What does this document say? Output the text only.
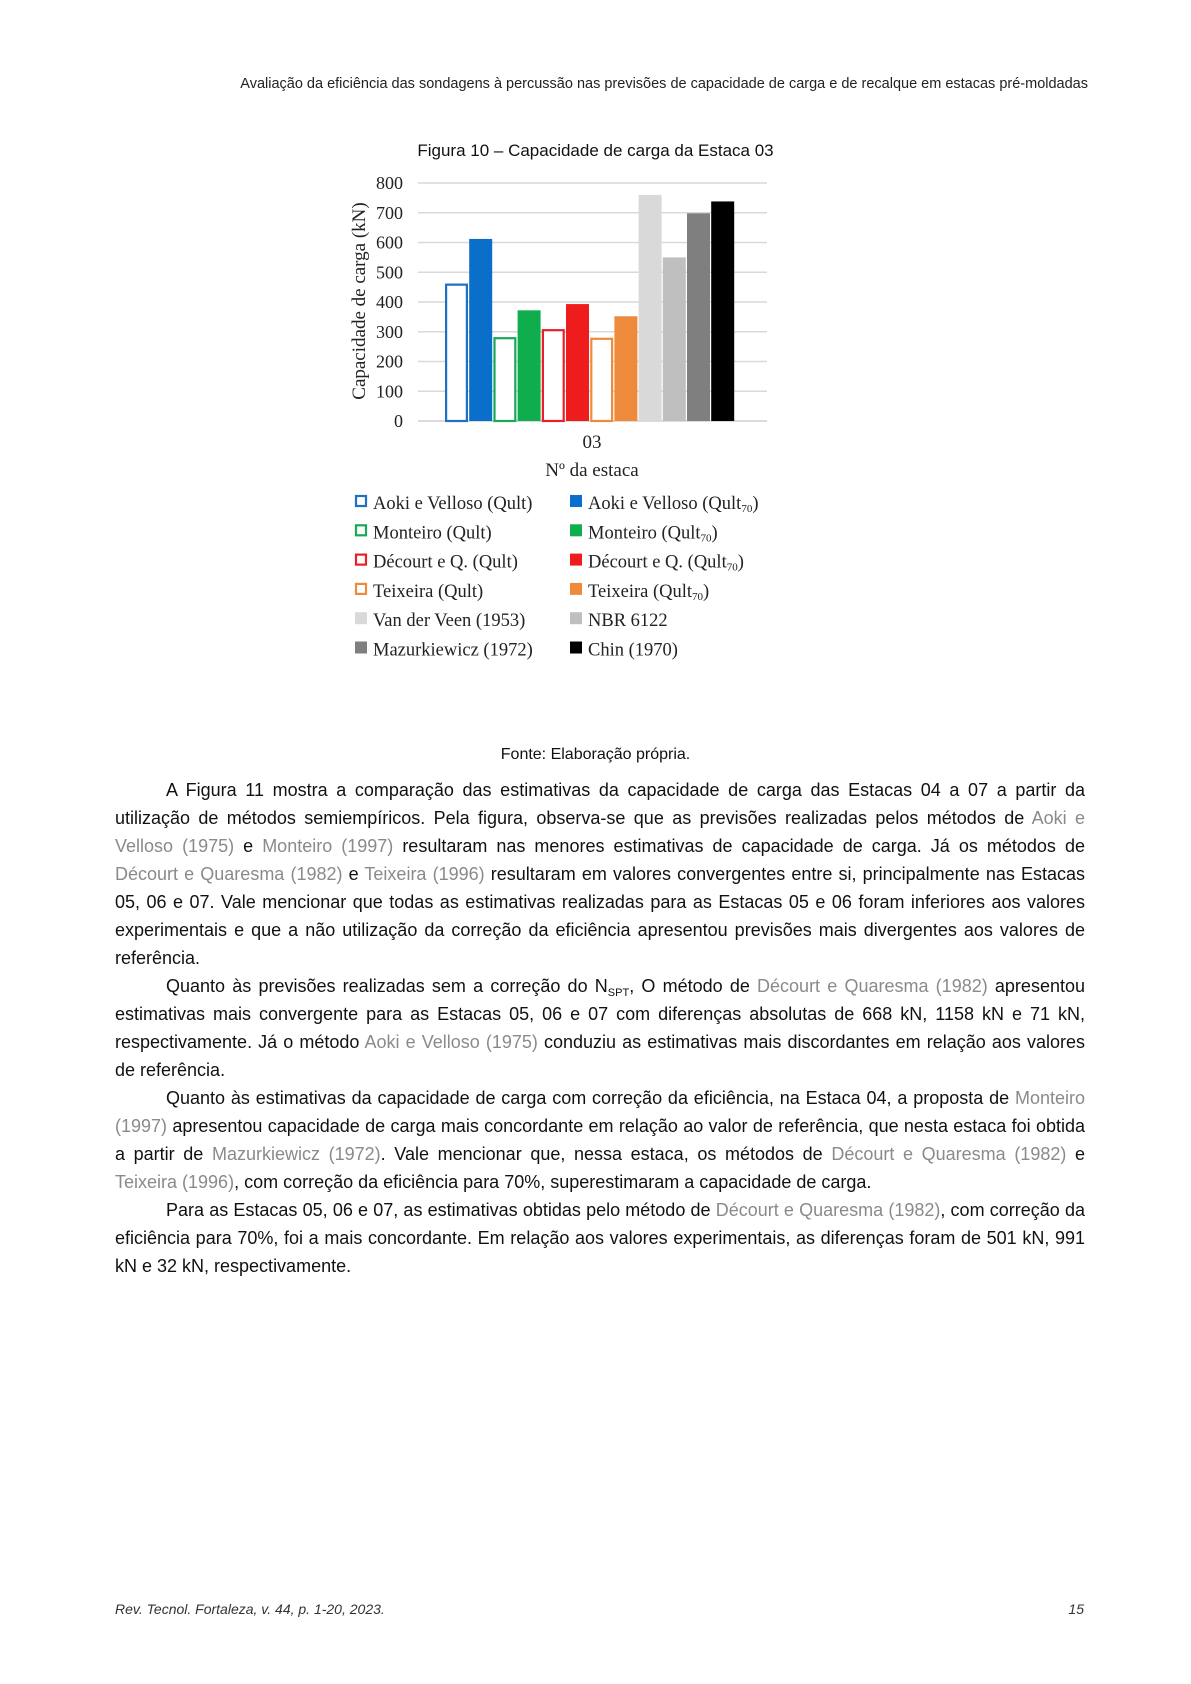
Avaliação da eficiência das sondagens à percussão nas previsões de capacidade de carga e de recalque em estacas pré-moldadas
Figura 10 – Capacidade de carga da Estaca 03
0
100
200
300
400
500
600
700
800
03
Nº da estaca
Capacidade de carga (kN)
Aoki e Velloso (Qult)	Aoki e Velloso (Qult70)
Monteiro (Qult)	Monteiro (Qult70)
Décourt e Q. (Qult)	Décourt e Q. (Qult70)
Teixeira (Qult)	Teixeira (Qult70)
Van der Veen (1953)	NBR 6122
Mazurkiewicz (1972)	Chin (1970)
Fonte: Elaboração própria.

A Figura 11 mostra a comparação das estimativas da capacidade de carga das Estacas 04 a 07 a partir da utilização de métodos semiempíricos. Pela figura, observa-se que as previsões realizadas pelos métodos de Aoki e Velloso (1975) e Monteiro (1997) resultaram nas menores estimativas de capacidade de carga. Já os métodos de Décourt e Quaresma (1982) e Teixeira (1996) resultaram em valores convergentes entre si, principalmente nas Estacas 05, 06 e 07. Vale mencionar que todas as estimativas realizadas para as Estacas 05 e 06 foram inferiores aos valores experimentais e que a não utilização da correção da eficiência apresentou previsões mais divergentes aos valores de referência.

Quanto às previsões realizadas sem a correção do $N_{SPT}$, O método de Décourt e Quaresma (1982) apresentou estimativas mais convergente para as Estacas 05, 06 e 07 com diferenças absolutas de 668 kN, 1158 kN e 71 kN, respectivamente. Já o método Aoki e Velloso (1975) conduziu as estimativas mais discordantes em relação aos valores de referência.

Quanto às estimativas da capacidade de carga com correção da eficiência, na Estaca 04, a proposta de Monteiro (1997) apresentou capacidade de carga mais concordante em relação ao valor de referência, que nesta estaca foi obtida a partir de Mazurkiewicz (1972). Vale mencionar que, nessa estaca, os métodos de Décourt e Quaresma (1982) e Teixeira (1996), com correção da eficiência para 70%, superestimaram a capacidade de carga.

Para as Estacas 05, 06 e 07, as estimativas obtidas pelo método de Décourt e Quaresma (1982), com correção da eficiência para 70%, foi a mais concordante. Em relação aos valores experimentais, as diferenças foram de 501 kN, 991 kN e 32 kN, respectivamente.

Rev. Tecnol. Fortaleza, v. 44, p. 1-20, 2023.	15
